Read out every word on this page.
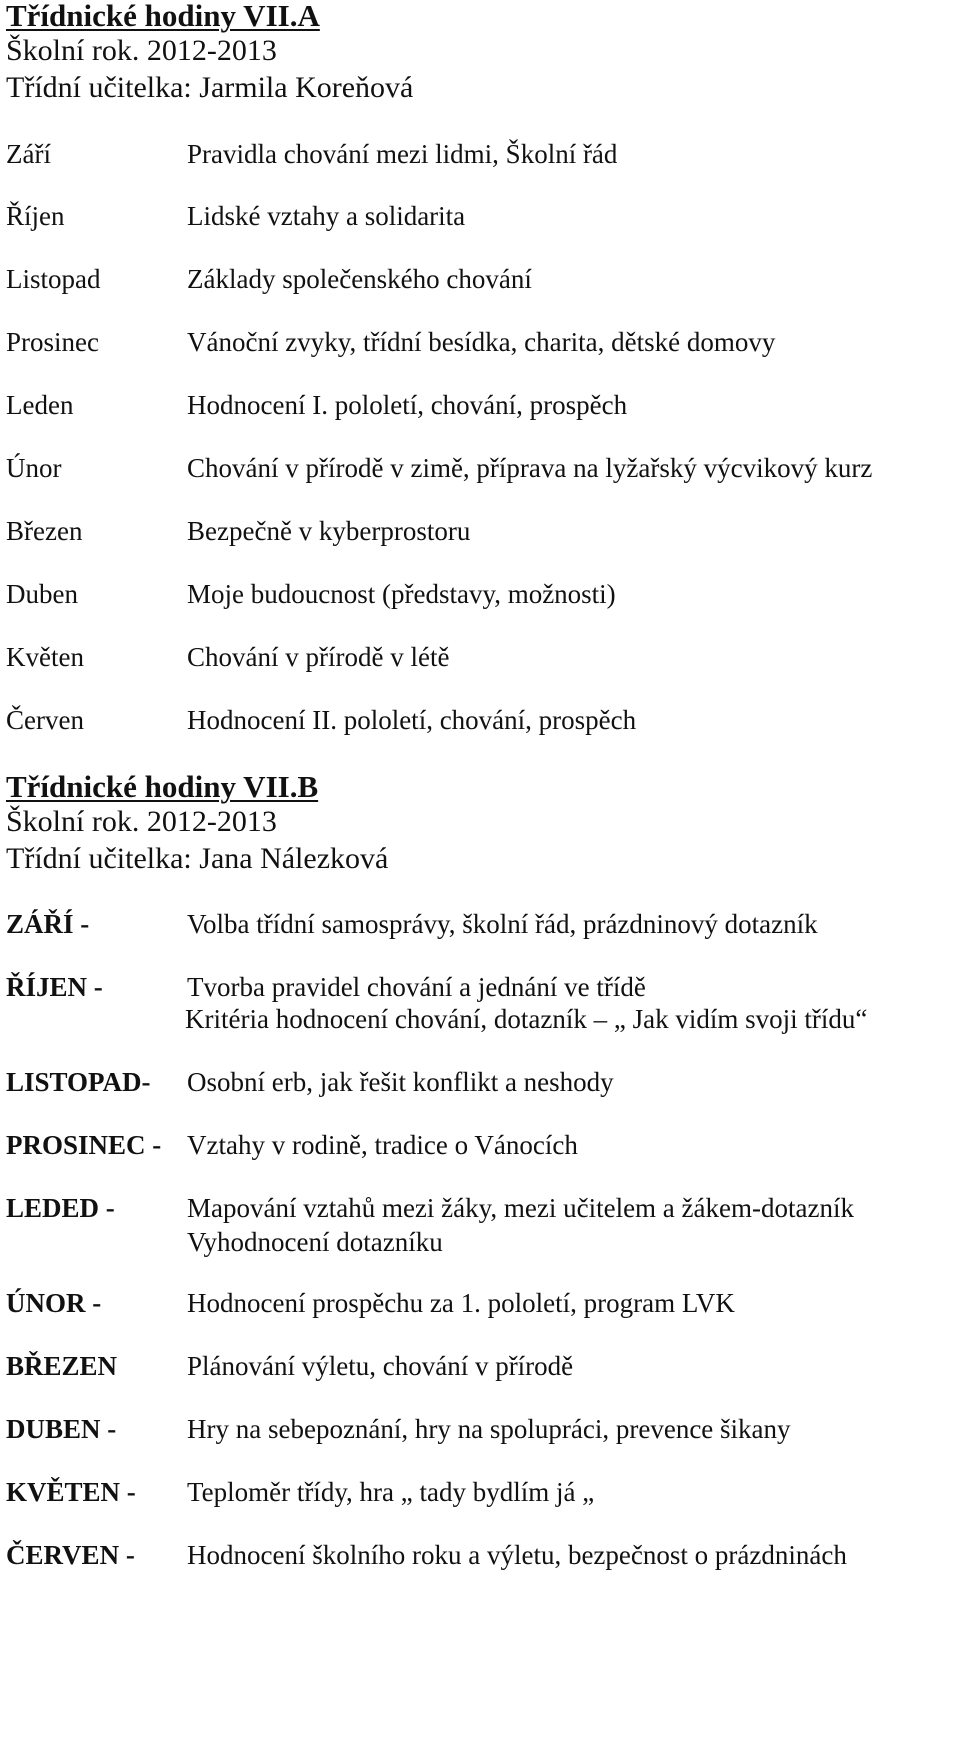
Třídnické hodiny VII.A
Školní rok. 2012-2013
Třídní učitelka: Jarmila Koreňová
Září	Pravidla chování mezi lidmi, Školní řád
Říjen	Lidské vztahy a solidarita
Listopad	Základy společenského chování
Prosinec	Vánoční zvyky, třídní besídka, charita, dětské domovy
Leden	Hodnocení I. pololetí, chování, prospěch
Únor	Chování v přírodě v zimě, příprava na lyžařský výcvikový kurz
Březen	Bezpečně v kyberprostoru
Duben	Moje budoucnost (představy, možnosti)
Květen	Chování v přírodě v létě
Červen	Hodnocení II. pololetí, chování, prospěch
Třídnické hodiny VII.B
Školní rok. 2012-2013
Třídní učitelka: Jana Nálezková
ZÁŘÍ -	Volba třídní samosprávy, školní řád, prázdninový dotazník
ŘÍJEN -	Tvorba pravidel chování a jednání ve třídě
Kritéria hodnocení chování, dotazník – „ Jak vidím svoji třídu“
LISTOPAD- Osobní erb, jak řešit konflikt a neshody
PROSINEC - Vztahy v rodině, tradice o Vánocích
LEDED -	Mapování vztahů mezi žáky, mezi učitelem a žákem-dotazník
Vyhodnocení dotazníku
ÚNOR -	Hodnocení prospěchu za 1. pololetí, program LVK
BŘEZEN	Plánování výletu, chování v přírodě
DUBEN -	Hry na sebepoznání, hry na spolupráci, prevence šikany
KVĚTEN - Teploměr třídy, hra „ tady bydlím já „
ČERVEN - Hodnocení školního roku a výletu, bezpečnost o prázdninách
